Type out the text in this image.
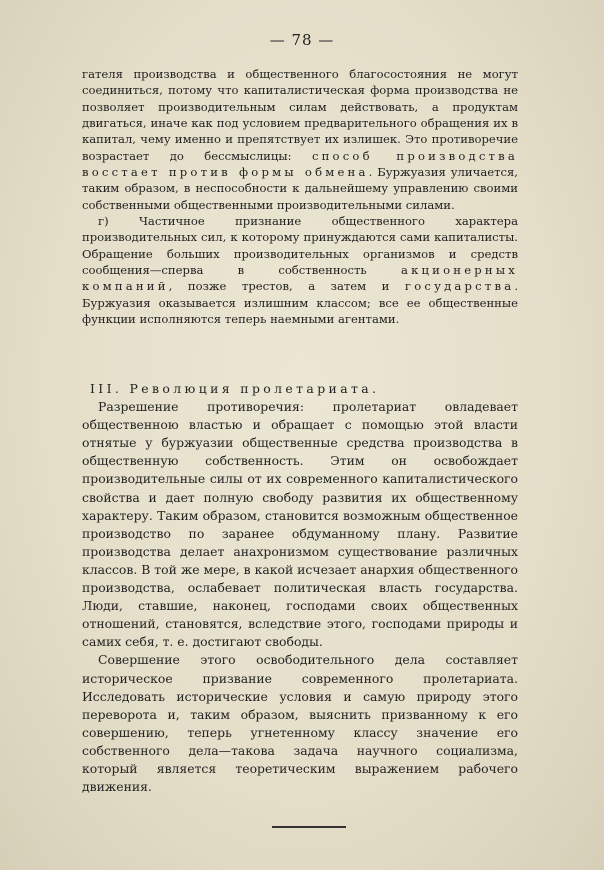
— 78 —

гателя производства и общественного благосостояния не могут соединиться, потому что капиталистическая форма производства не позволяет производительным силам действовать, а продуктам двигаться, иначе как под условием предварительного обращения их в капитал, чему именно и препятствует их излишек. Это противоречие возрастает до бессмыслицы: способ производства восстает против формы обмена. Буржуазия уличается, таким образом, в неспособности к дальнейшему управлению своими собственными общественными производительными силами.

г) Частичное признание общественного характера производительных сил, к которому принуждаются сами капиталисты. Обращение больших производительных организмов и средств сообщения—сперва в собственность акционерных компаний, позже трестов, а затем и государства. Буржуазия оказывается излишним классом; все ее общественные функции исполняются теперь наемными агентами.

III. Революция пролетариата.

Разрешение противоречия: пролетариат овладевает общественною властью и обращает с помощью этой власти отнятые у буржуазии общественные средства производства в общественную собственность. Этим он освобождает производительные силы от их современного капиталистического свойства и дает полную свободу развития их общественному характеру. Таким образом, становится возможным общественное производство по заранее обдуманному плану. Развитие производства делает анахронизмом существование различных классов. В той же мере, в какой исчезает анархия общественного производства, ослабевает политическая власть государства. Люди, ставшие, наконец, господами своих общественных отношений, становятся, вследствие этого, господами природы и самих себя, т. е. достигают свободы.

Совершение этого освободительного дела составляет историческое призвание современного пролетариата. Исследовать исторические условия и самую природу этого переворота и, таким образом, выяснить призванному к его совершению, теперь угнетенному классу значение его собственного дела—такова задача научного социализма, который является теоретическим выражением рабочего движения.
